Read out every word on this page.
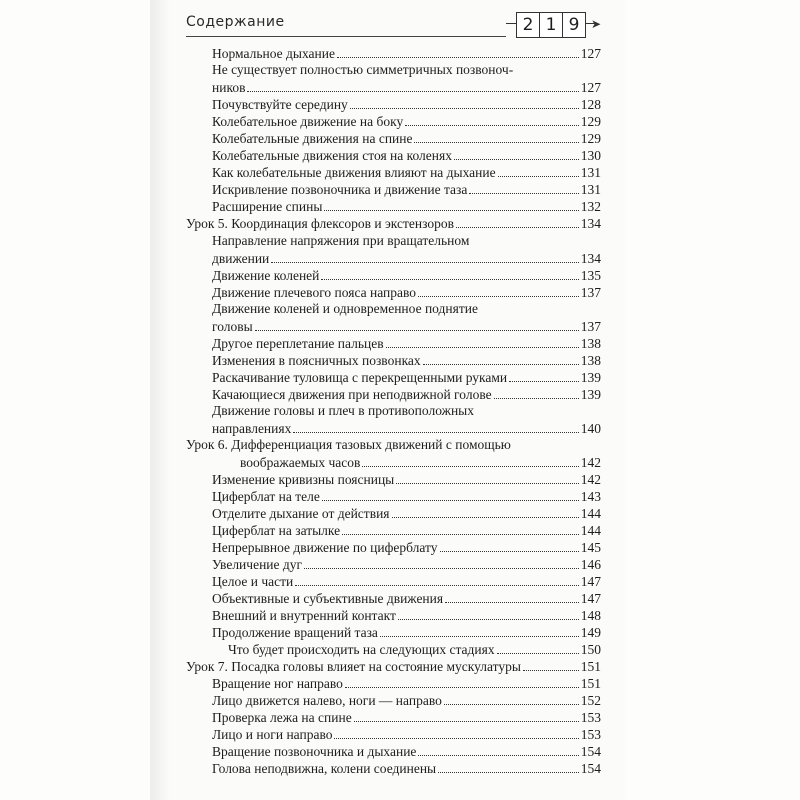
Содержание	2 1 9 ➤
Нормальное дыхание	127
Не существует полностью симметричных позвоноч-
ников	127
Почувствуйте середину	128
Колебательное движение на боку	129
Колебательные движения на спине	129
Колебательные движения стоя на коленях	130
Как колебательные движения влияют на дыхание	131
Искривление позвоночника и движение таза	131
Расширение спины	132
Урок 5. Координация флексоров и экстензоров	134
Направление напряжения при вращательном
движении	134
Движение коленей	135
Движение плечевого пояса направо	137
Движение коленей и одновременное поднятие
головы	137
Другое переплетание пальцев	138
Изменения в поясничных позвонках	138
Раскачивание туловища с перекрещенными руками	139
Качающиеся движения при неподвижной голове	139
Движение головы и плеч в противоположных
направлениях	140
Урок 6. Дифференциация тазовых движений с помощью
воображаемых часов	142
Изменение кривизны поясницы	142
Циферблат на теле	143
Отделите дыхание от действия	144
Циферблат на затылке	144
Непрерывное движение по циферблату	145
Увеличение дуг	146
Целое и части	147
Объективные и субъективные движения	147
Внешний и внутренний контакт	148
Продолжение вращений таза	149
Что будет происходить на следующих стадиях	150
Урок 7. Посадка головы влияет на состояние мускулатуры	151
Вращение ног направо	151
Лицо движется налево, ноги — направо	152
Проверка лежа на спине	153
Лицо и ноги направо	153
Вращение позвоночника и дыхание	154
Голова неподвижна, колени соединены	154
